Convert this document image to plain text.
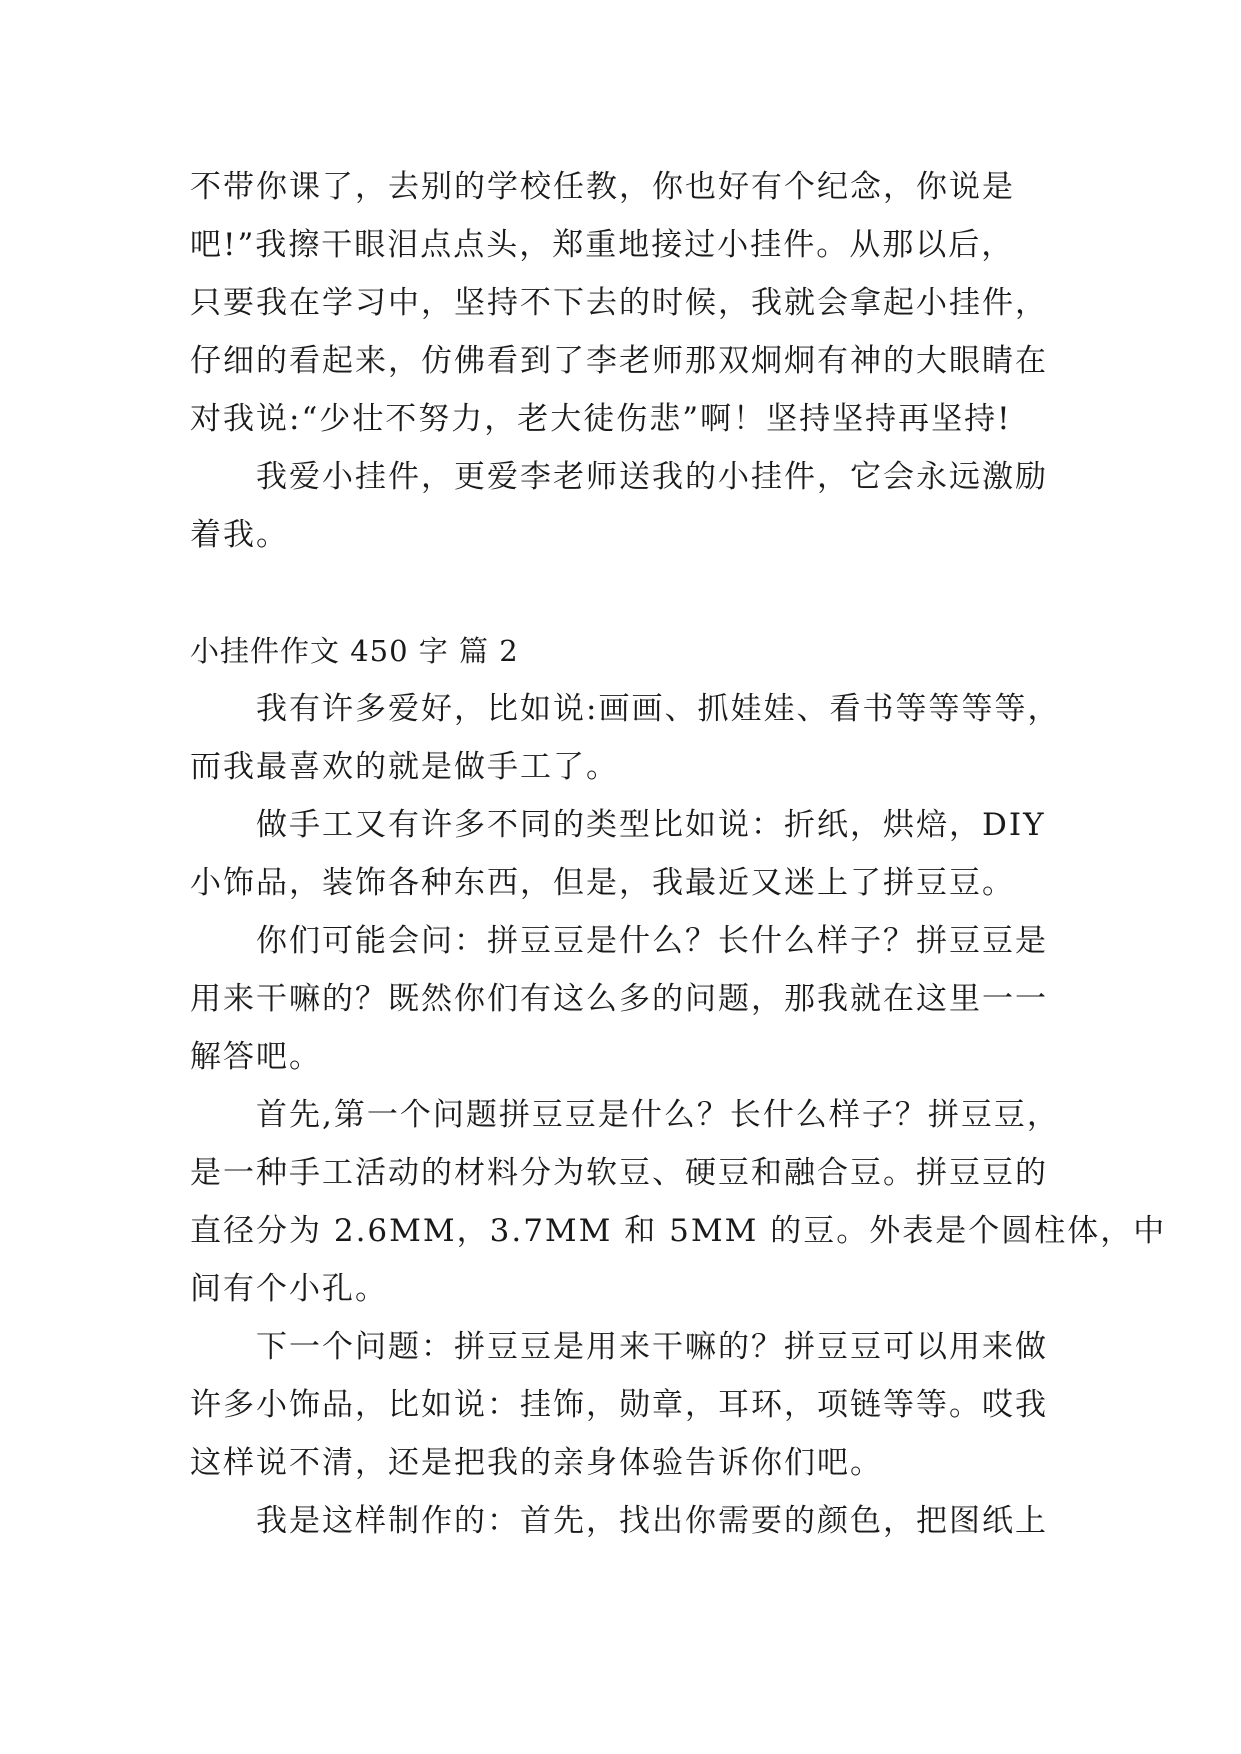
不带你课了，去别的学校任教，你也好有个纪念，你说是
吧!”我擦干眼泪点点头，郑重地接过小挂件。从那以后，
只要我在学习中，坚持不下去的时候，我就会拿起小挂件，
仔细的看起来，仿佛看到了李老师那双炯炯有神的大眼睛在
对我说:“少壮不努力，老大徒伤悲”啊！坚持坚持再坚持!
我爱小挂件，更爱李老师送我的小挂件，它会永远激励
着我。
小挂件作文 450 字 篇 2
我有许多爱好，比如说:画画、抓娃娃、看书等等等等，
而我最喜欢的就是做手工了。
做手工又有许多不同的类型比如说：折纸，烘焙，DIY
小饰品，装饰各种东西，但是，我最近又迷上了拼豆豆。
你们可能会问：拼豆豆是什么？长什么样子？拼豆豆是
用来干嘛的？既然你们有这么多的问题，那我就在这里一一
解答吧。
首先,第一个问题拼豆豆是什么？长什么样子？拼豆豆，
是一种手工活动的材料分为软豆、硬豆和融合豆。拼豆豆的
直径分为 2.6MM，3.7MM 和 5MM 的豆。外表是个圆柱体，中
间有个小孔。
下一个问题：拼豆豆是用来干嘛的？拼豆豆可以用来做
许多小饰品，比如说：挂饰，勋章，耳环，项链等等。哎我
这样说不清，还是把我的亲身体验告诉你们吧。
我是这样制作的：首先，找出你需要的颜色，把图纸上
